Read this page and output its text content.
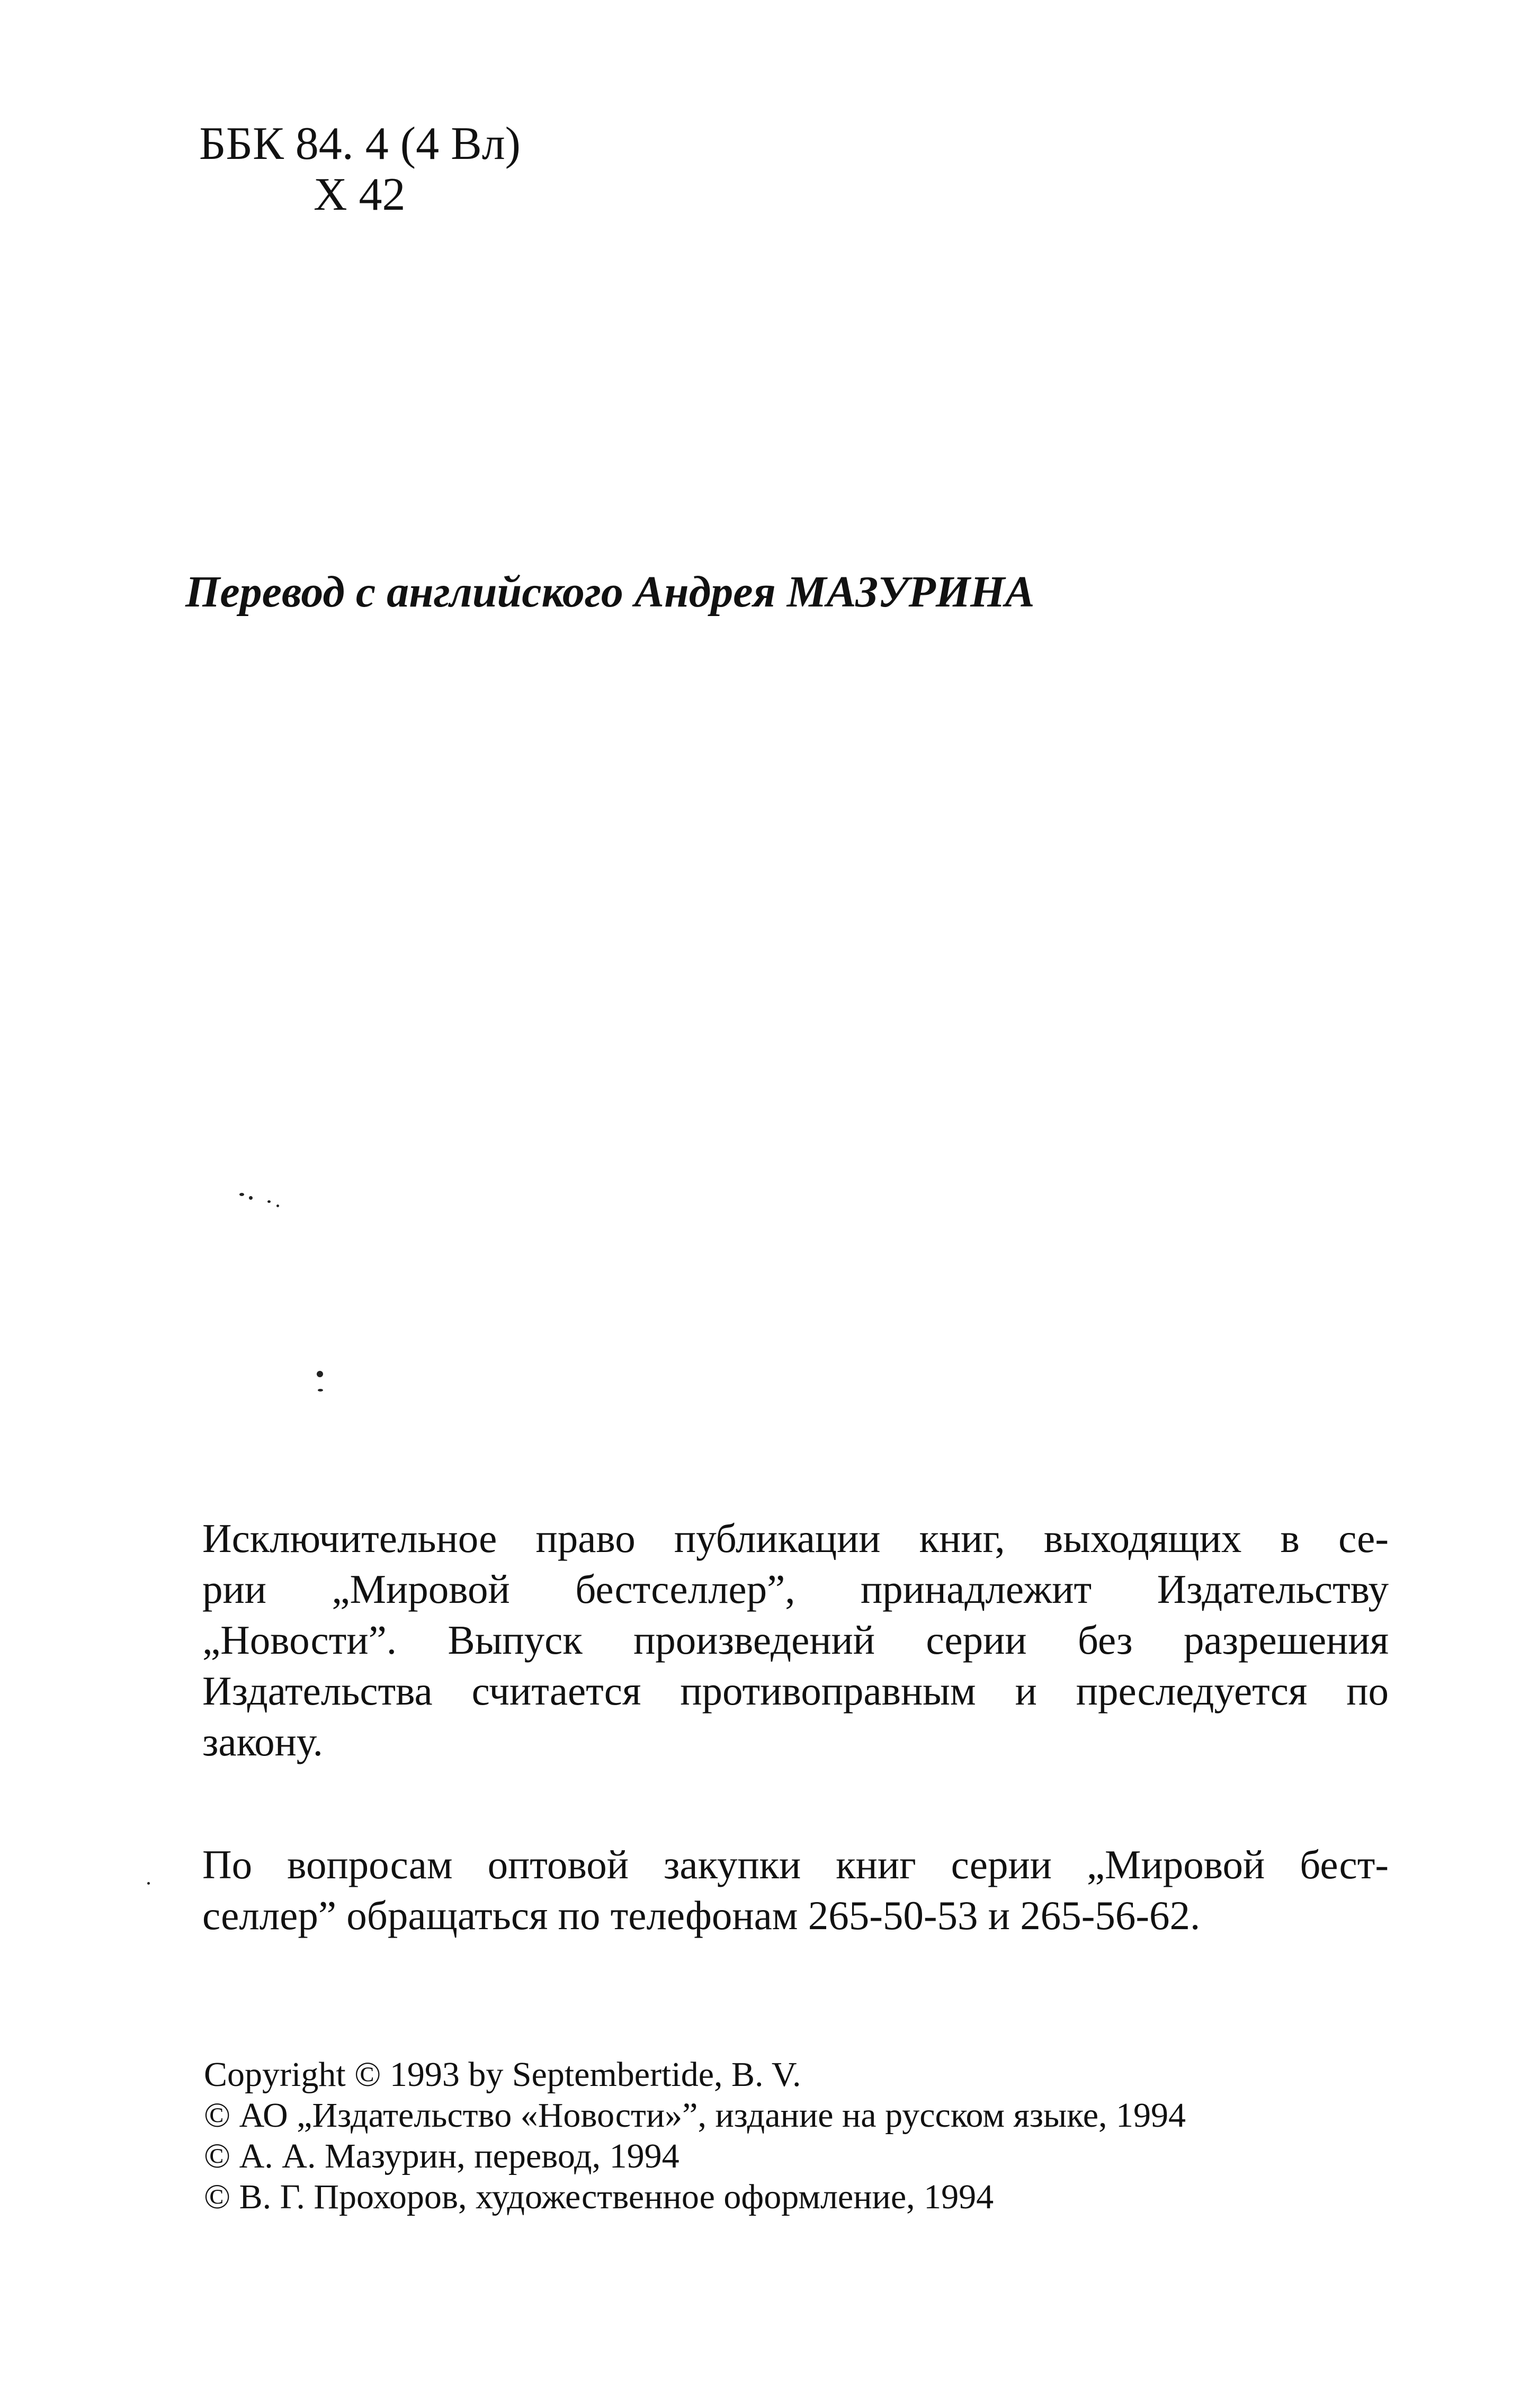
ББК 84. 4 (4 Вл)

Х 42

Перевод с английского Андрея МАЗУРИНА

Исключительное право публикации книг, выходящих в се-
рии „Мировой бестселлер”, принадлежит Издательству
„Новости”. Выпуск произведений серии без разрешения
Издательства считается противоправным и преследуется по
закону.
По вопросам оптовой закупки книг серии „Мировой бест-
селлер” обращаться по телефонам 265-50-53 и 265-56-62.
Copyright © 1993 by Septembertide, B. V.
© АО „Издательство «Новости»”, издание на русском языке, 1994
© А. А. Мазурин, перевод, 1994
© В. Г. Прохоров, художественное оформление, 1994
